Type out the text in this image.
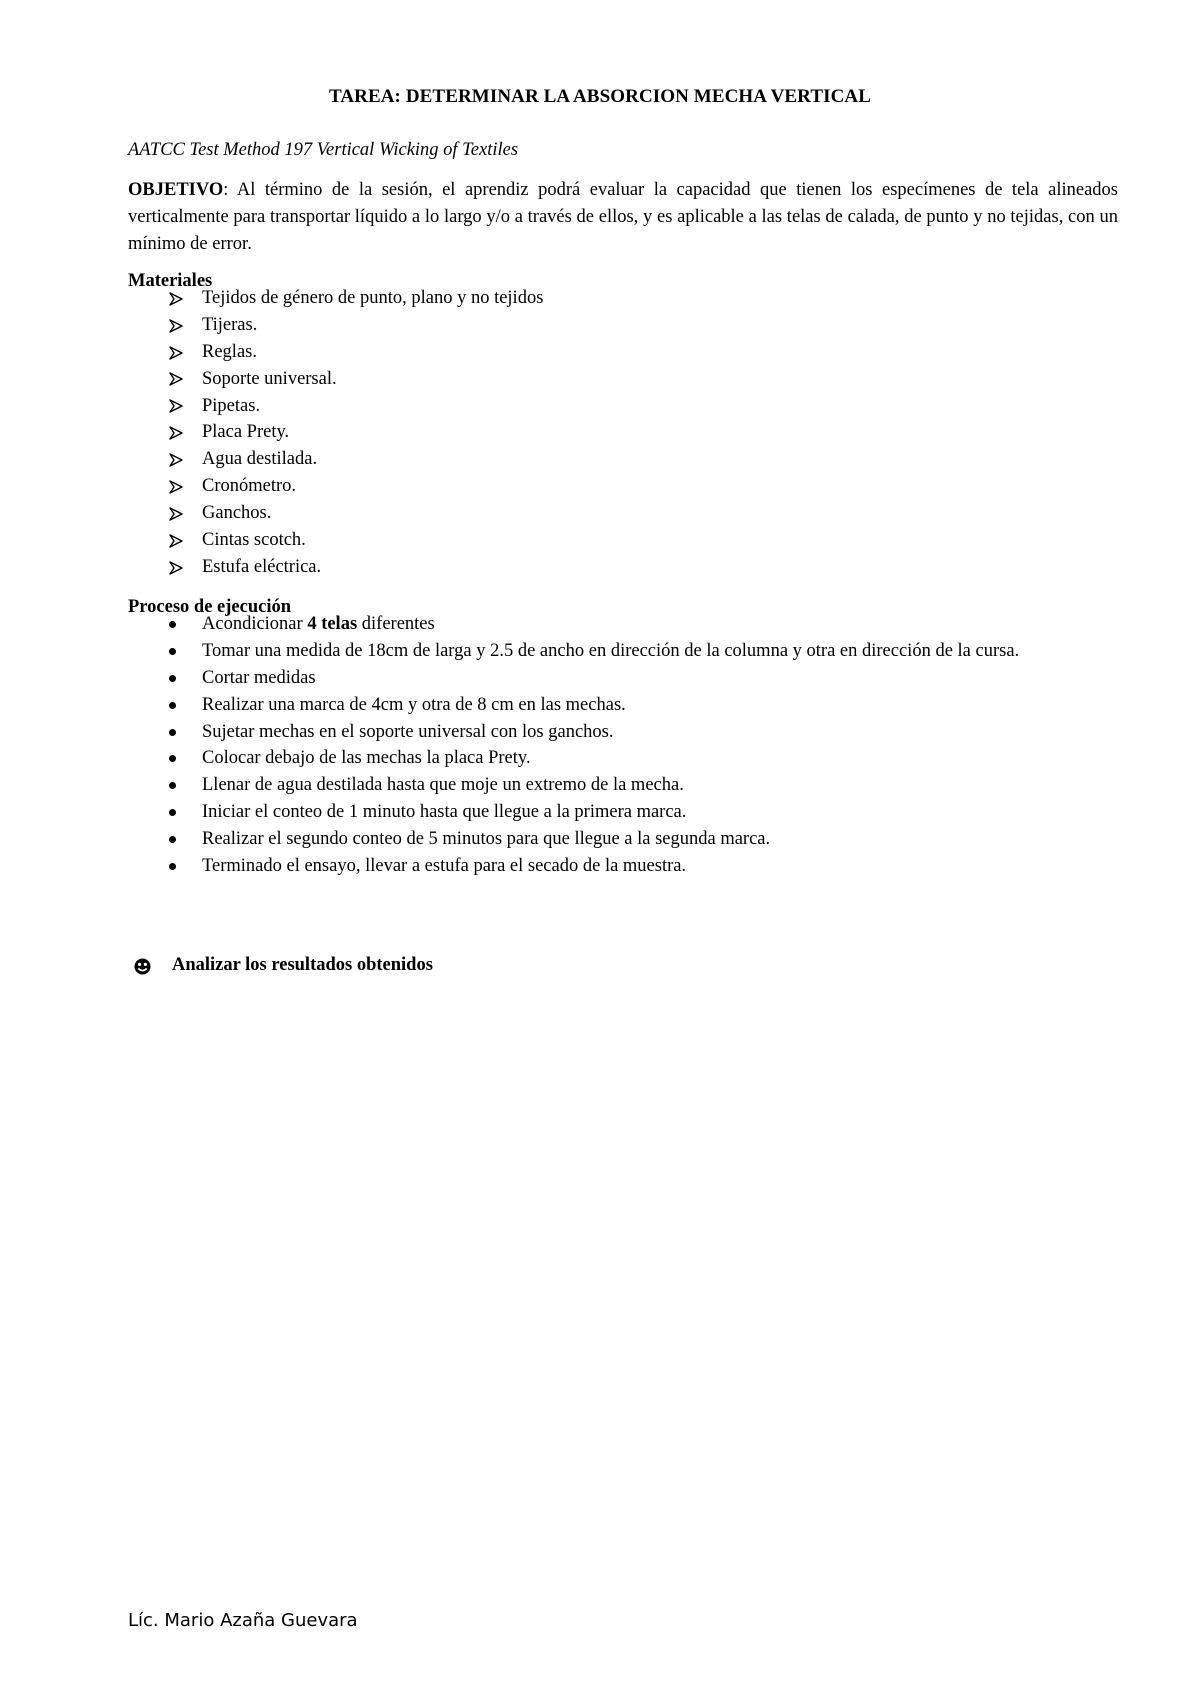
TAREA: DETERMINAR LA ABSORCION MECHA VERTICAL
AATCC Test Method 197 Vertical Wicking of Textiles
OBJETIVO: Al término de la sesión, el aprendiz podrá evaluar la capacidad que tienen los especímenes de tela alineados verticalmente para transportar líquido a lo largo y/o a través de ellos, y es aplicable a las telas de calada, de punto y no tejidas, con un mínimo de error.
Materiales
Tejidos de género de punto, plano y no tejidos
Tijeras.
Reglas.
Soporte universal.
Pipetas.
Placa Prety.
Agua destilada.
Cronómetro.
Ganchos.
Cintas scotch.
Estufa eléctrica.
Proceso de ejecución
Acondicionar 4 telas diferentes
Tomar una medida de 18cm de larga y 2.5 de ancho en dirección de la columna y otra en dirección de la cursa.
Cortar medidas
Realizar una marca de 4cm y otra de 8 cm en las mechas.
Sujetar mechas en el soporte universal con los ganchos.
Colocar debajo de las mechas la placa Prety.
Llenar de agua destilada hasta que moje un extremo de la mecha.
Iniciar el conteo de 1 minuto hasta que llegue a la primera marca.
Realizar el segundo conteo de 5 minutos para que llegue a la segunda marca.
Terminado el ensayo, llevar a estufa para el secado de la muestra.
Analizar los resultados obtenidos
Líc. Mario Azaña Guevara
